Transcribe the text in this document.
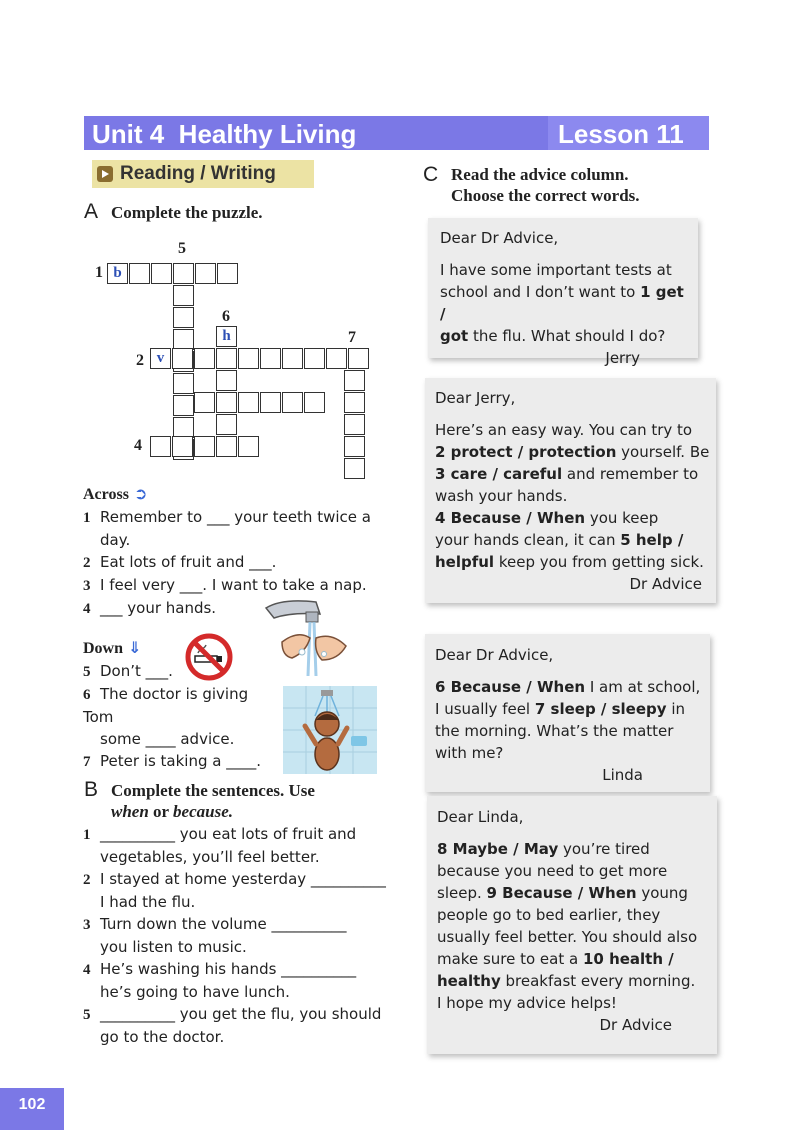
Unit 4  Healthy Living	Lesson 11
Reading / Writing
A Complete the puzzle.
5
1
6
7
2
4
b
h
v
Across ➲
1 Remember to ___ your teeth twice a
day.
2 Eat lots of fruit and ___.
3 I feel very ___. I want to take a nap.
4 ___ your hands.
Down ⇓
5 Don’t ___.
6 The doctor is giving Tom
some ____ advice.
7 Peter is taking a ____.
B Complete the sentences. Use
when or because.
1 __________ you eat lots of fruit and
vegetables, you’ll feel better.
2 I stayed at home yesterday __________
I had the flu.
3 Turn down the volume __________
you listen to music.
4 He’s washing his hands __________
he’s going to have lunch.
5 __________ you get the flu, you should
go to the doctor.
C Read the advice column.
Choose the correct words.
Dear Dr Advice,
I have some important tests at
school and I don’t want to 1 get /
got the flu. What should I do?
Jerry
Dear Jerry,
Here’s an easy way. You can try to
2 protect / protection yourself. Be
3 care / careful and remember to
wash your hands.
4 Because / When you keep
your hands clean, it can 5 help /
helpful keep you from getting sick.
Dr Advice
Dear Dr Advice,
6 Because / When I am at school,
I usually feel 7 sleep / sleepy in
the morning. What’s the matter
with me?
Linda
Dear Linda,
8 Maybe / May you’re tired
because you need to get more
sleep. 9 Because / When young
people go to bed earlier, they
usually feel better. You should also
make sure to eat a 10 health /
healthy breakfast every morning.
I hope my advice helps!
Dr Advice
102
